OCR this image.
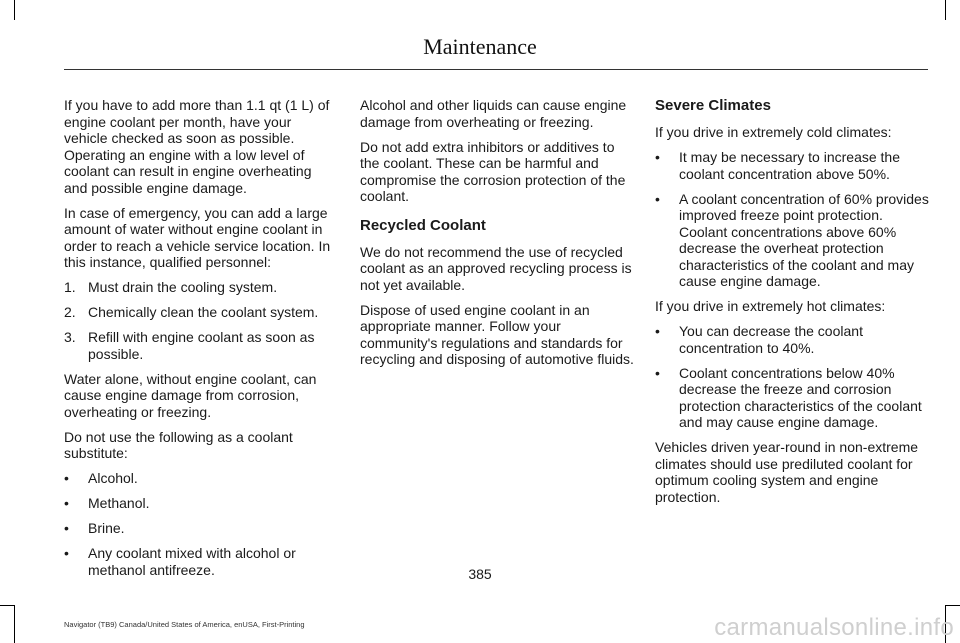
Maintenance

If you have to add more than 1.1 qt (1 L) of engine coolant per month, have your vehicle checked as soon as possible. Operating an engine with a low level of coolant can result in engine overheating and possible engine damage.

In case of emergency, you can add a large amount of water without engine coolant in order to reach a vehicle service location. In this instance, qualified personnel:

1. Must drain the cooling system.
2. Chemically clean the coolant system.
3. Refill with engine coolant as soon as possible.

Water alone, without engine coolant, can cause engine damage from corrosion, overheating or freezing.

Do not use the following as a coolant substitute:

• Alcohol.
• Methanol.
• Brine.
• Any coolant mixed with alcohol or methanol antifreeze.

Alcohol and other liquids can cause engine damage from overheating or freezing.

Do not add extra inhibitors or additives to the coolant. These can be harmful and compromise the corrosion protection of the coolant.

Recycled Coolant

We do not recommend the use of recycled coolant as an approved recycling process is not yet available.

Dispose of used engine coolant in an appropriate manner. Follow your community's regulations and standards for recycling and disposing of automotive fluids.

Severe Climates

If you drive in extremely cold climates:

• It may be necessary to increase the coolant concentration above 50%.
• A coolant concentration of 60% provides improved freeze point protection. Coolant concentrations above 60% decrease the overheat protection characteristics of the coolant and may cause engine damage.

If you drive in extremely hot climates:

• You can decrease the coolant concentration to 40%.
• Coolant concentrations below 40% decrease the freeze and corrosion protection characteristics of the coolant and may cause engine damage.

Vehicles driven year-round in non-extreme climates should use prediluted coolant for optimum cooling system and engine protection.

385
Navigator (TB9) Canada/United States of America, enUSA, First-Printing	carmanualsonline.info
